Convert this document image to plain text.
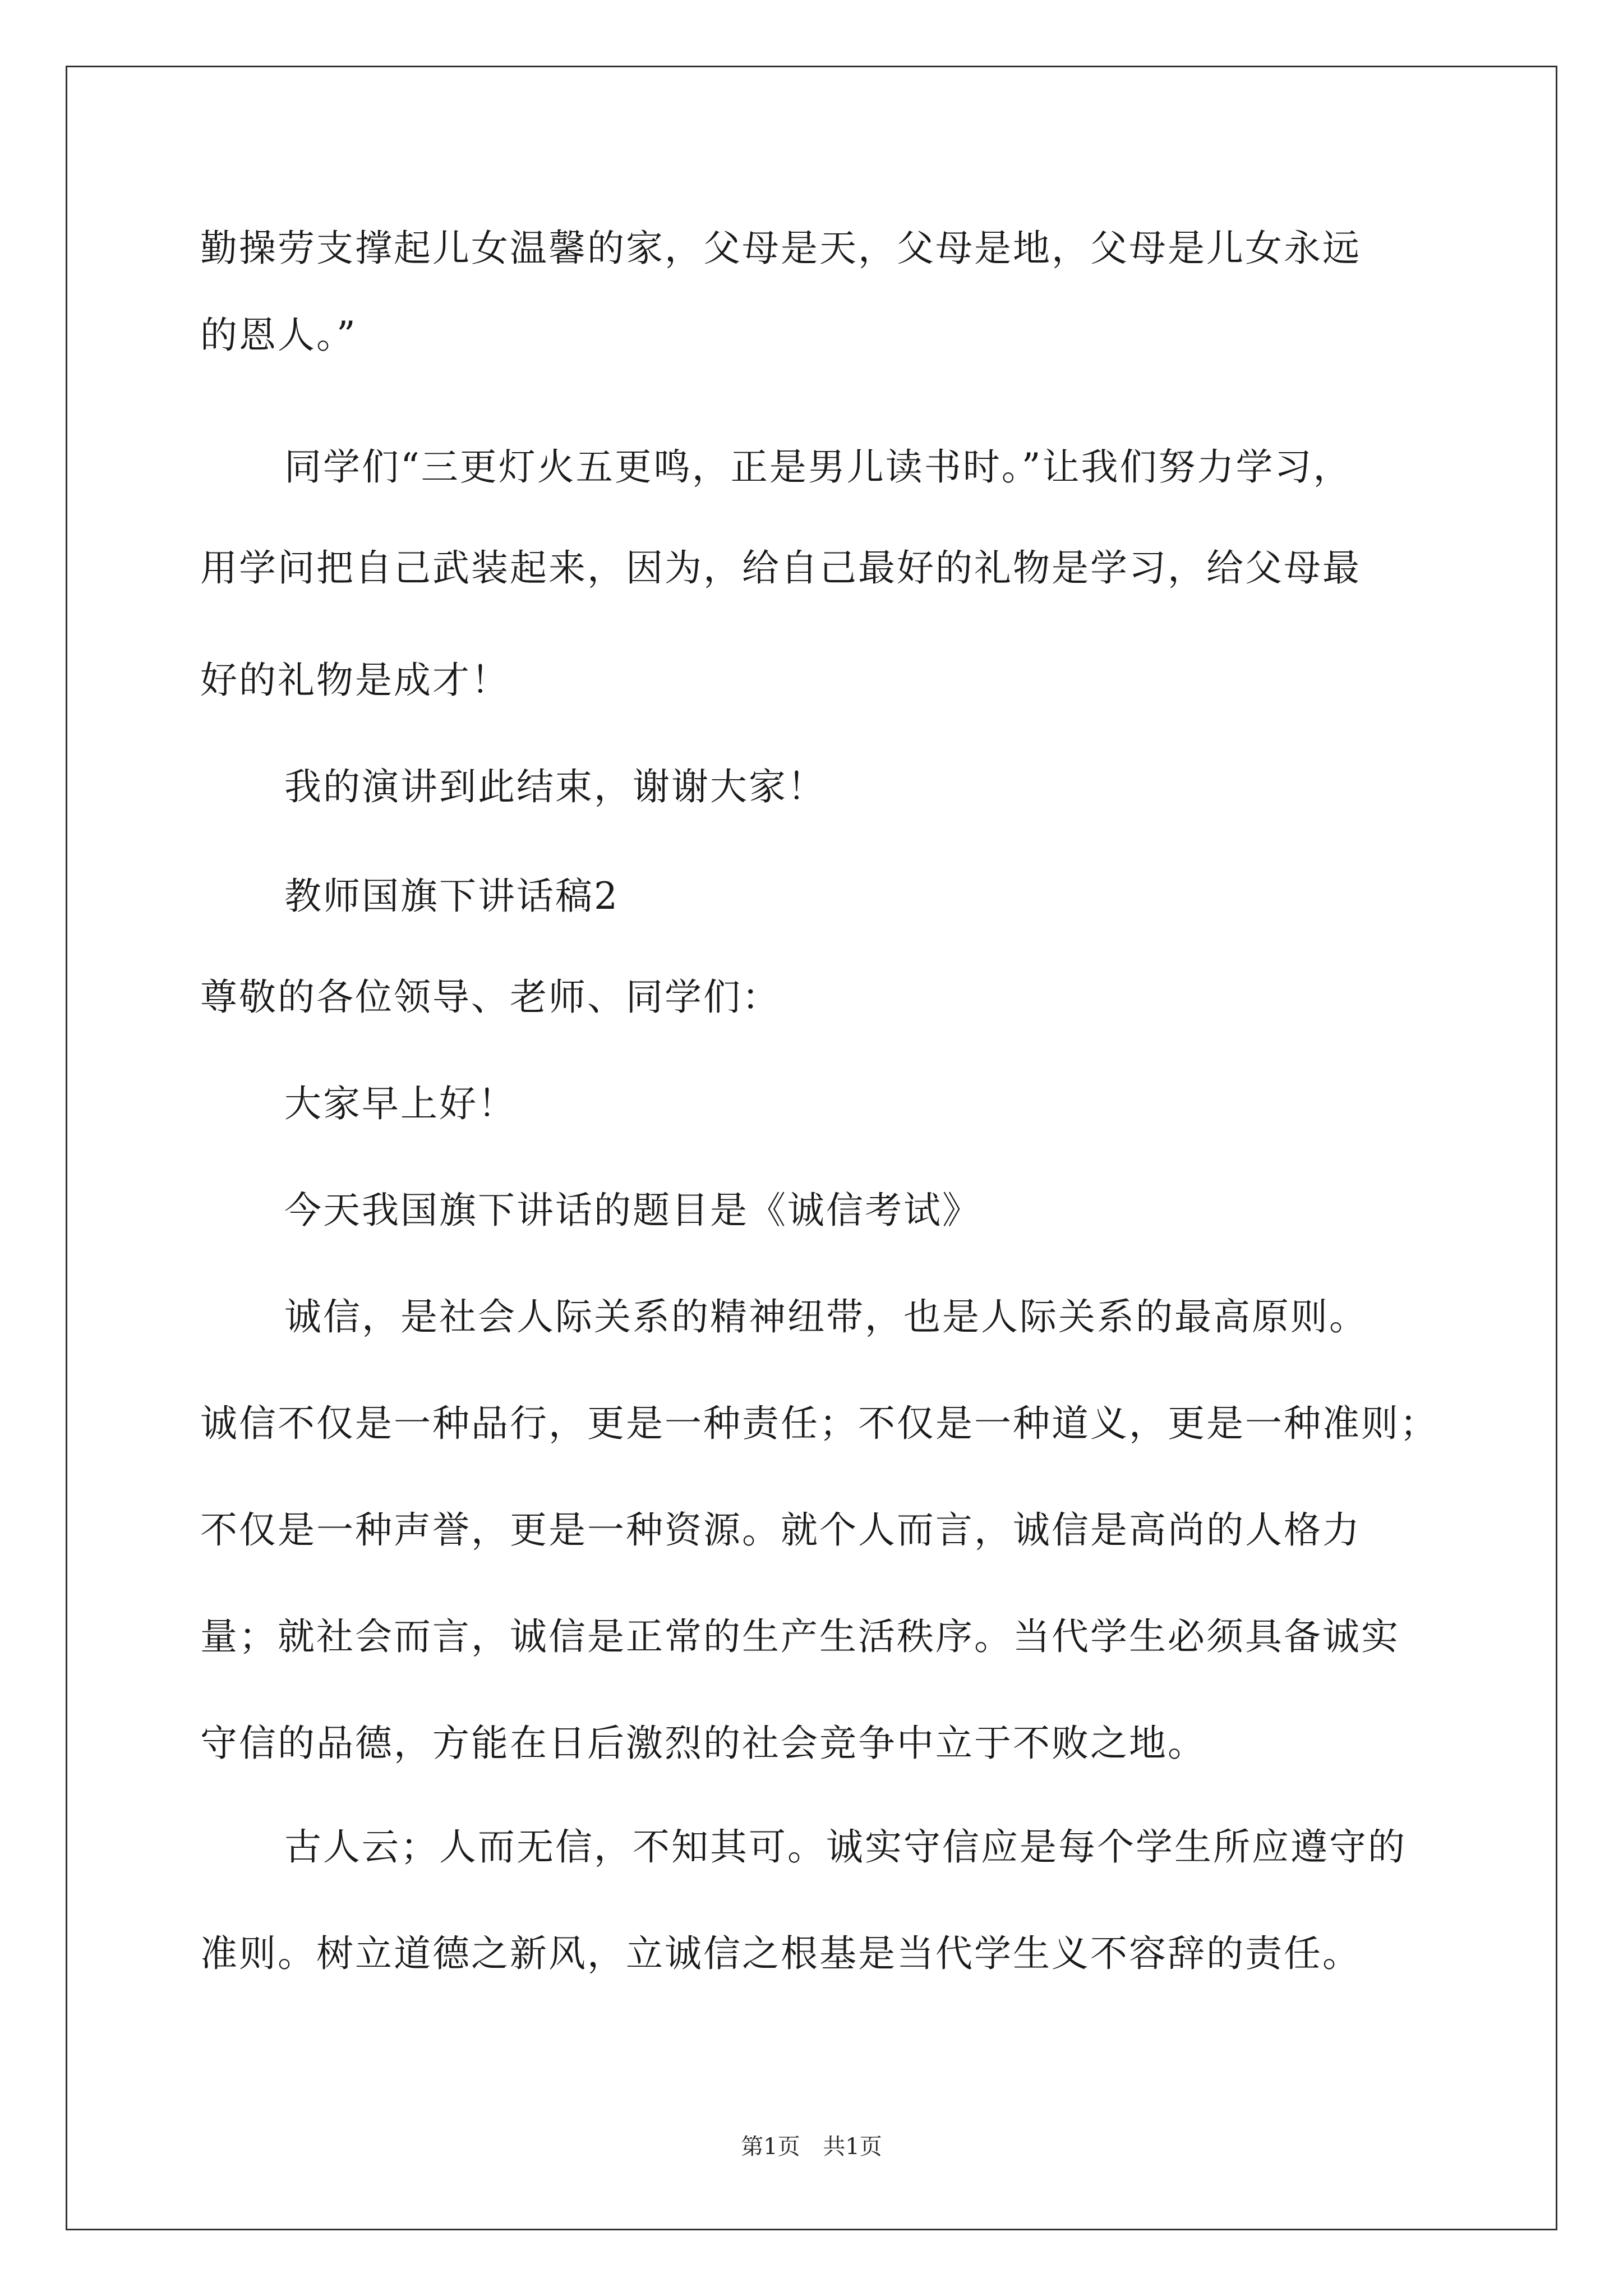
勤操劳支撑起儿女温馨的家，父母是天，父母是地，父母是儿女永远
的恩人。”
同学们“三更灯火五更鸣，正是男儿读书时。”让我们努力学习，
用学问把自己武装起来，因为，给自己最好的礼物是学习，给父母最
好的礼物是成才！
我的演讲到此结束，谢谢大家！
教师国旗下讲话稿2
尊敬的各位领导、老师、同学们：
大家早上好！
今天我国旗下讲话的题目是《诚信考试》
诚信，是社会人际关系的精神纽带，也是人际关系的最高原则。
诚信不仅是一种品行，更是一种责任；不仅是一种道义，更是一种准则；
不仅是一种声誉，更是一种资源。就个人而言，诚信是高尚的人格力
量；就社会而言，诚信是正常的生产生活秩序。当代学生必须具备诚实
守信的品德，方能在日后激烈的社会竞争中立于不败之地。
古人云；人而无信，不知其可。诚实守信应是每个学生所应遵守的
准则。树立道德之新风，立诚信之根基是当代学生义不容辞的责任。
第1页 共1页
